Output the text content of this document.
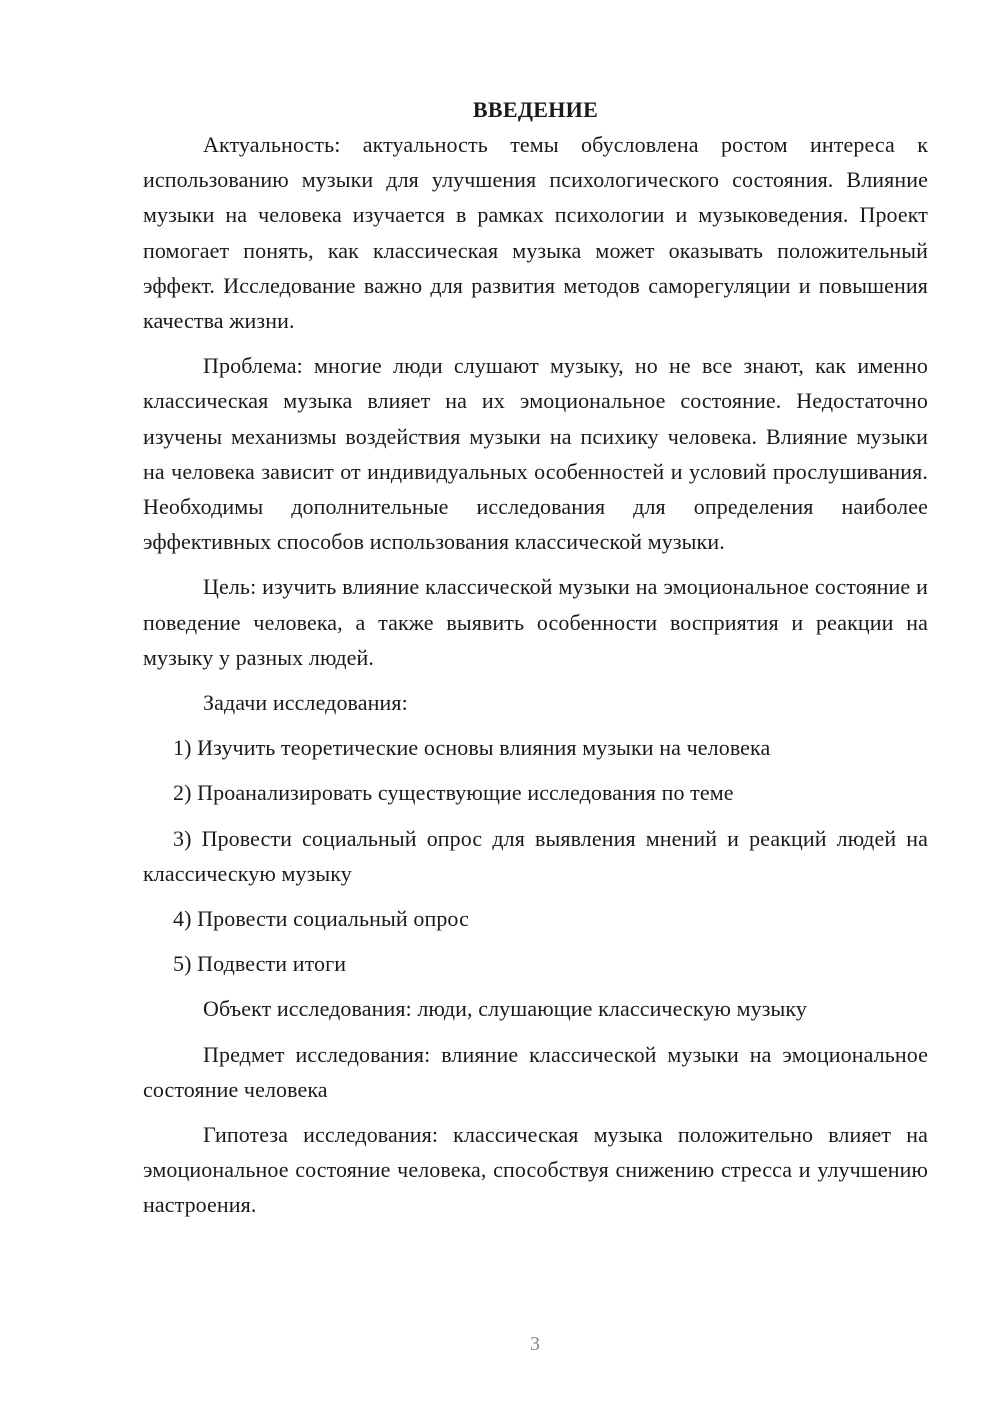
ВВЕДЕНИЕ

Актуальность: актуальность темы обусловлена ростом интереса к использованию музыки для улучшения психологического состояния. Влияние музыки на человека изучается в рамках психологии и музыковедения. Проект помогает понять, как классическая музыка может оказывать положительный эффект. Исследование важно для развития методов саморегуляции и повышения качества жизни.

Проблема: многие люди слушают музыку, но не все знают, как именно классическая музыка влияет на их эмоциональное состояние. Недостаточно изучены механизмы воздействия музыки на психику человека. Влияние музыки на человека зависит от индивидуальных особенностей и условий прослушивания. Необходимы дополнительные исследования для определения наиболее эффективных способов использования классической музыки.

Цель: изучить влияние классической музыки на эмоциональное состояние и поведение человека, а также выявить особенности восприятия и реакции на музыку у разных людей.

Задачи исследования:

1) Изучить теоретические основы влияния музыки на человека

2) Проанализировать существующие исследования по теме

3) Провести социальный опрос для выявления мнений и реакций людей на классическую музыку

4) Провести социальный опрос

5) Подвести итоги

Объект исследования: люди, слушающие классическую музыку

Предмет исследования: влияние классической музыки на эмоциональное состояние человека

Гипотеза исследования: классическая музыка положительно влияет на эмоциональное состояние человека, способствуя снижению стресса и улучшению настроения.

3
